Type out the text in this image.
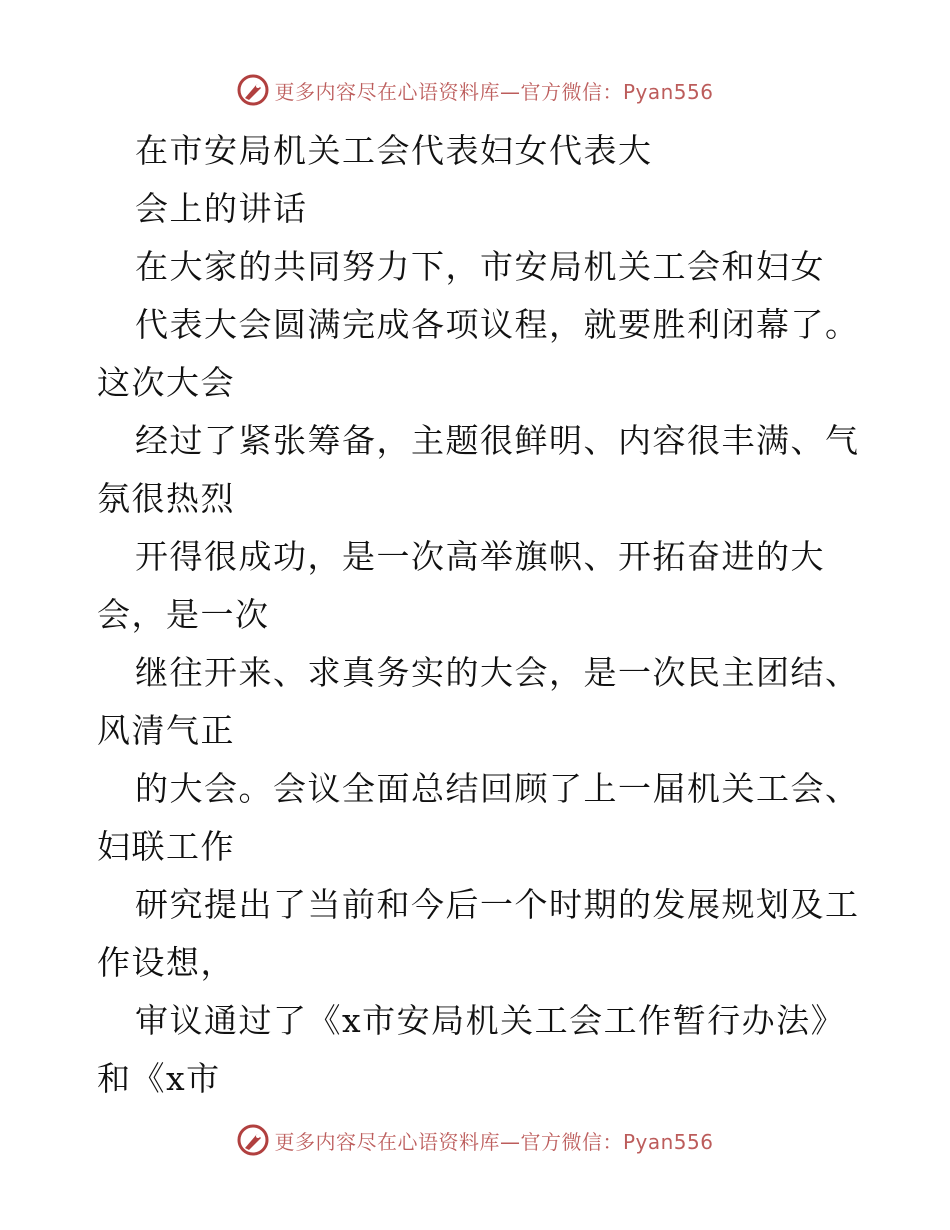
更多内容尽在心语资料库—官方微信：Pyan556
在市安局机关工会代表妇女代表大
会上的讲话
在大家的共同努力下，市安局机关工会和妇女
代表大会圆满完成各项议程，就要胜利闭幕了。
这次大会
经过了紧张筹备，主题很鲜明、内容很丰满、气
氛很热烈
开得很成功，是一次高举旗帜、开拓奋进的大
会，是一次
继往开来、求真务实的大会，是一次民主团结、
风清气正
的大会。会议全面总结回顾了上一届机关工会、
妇联工作
研究提出了当前和今后一个时期的发展规划及工
作设想，
审议通过了《x市安局机关工会工作暂行办法》
和《x市
更多内容尽在心语资料库—官方微信：Pyan556
